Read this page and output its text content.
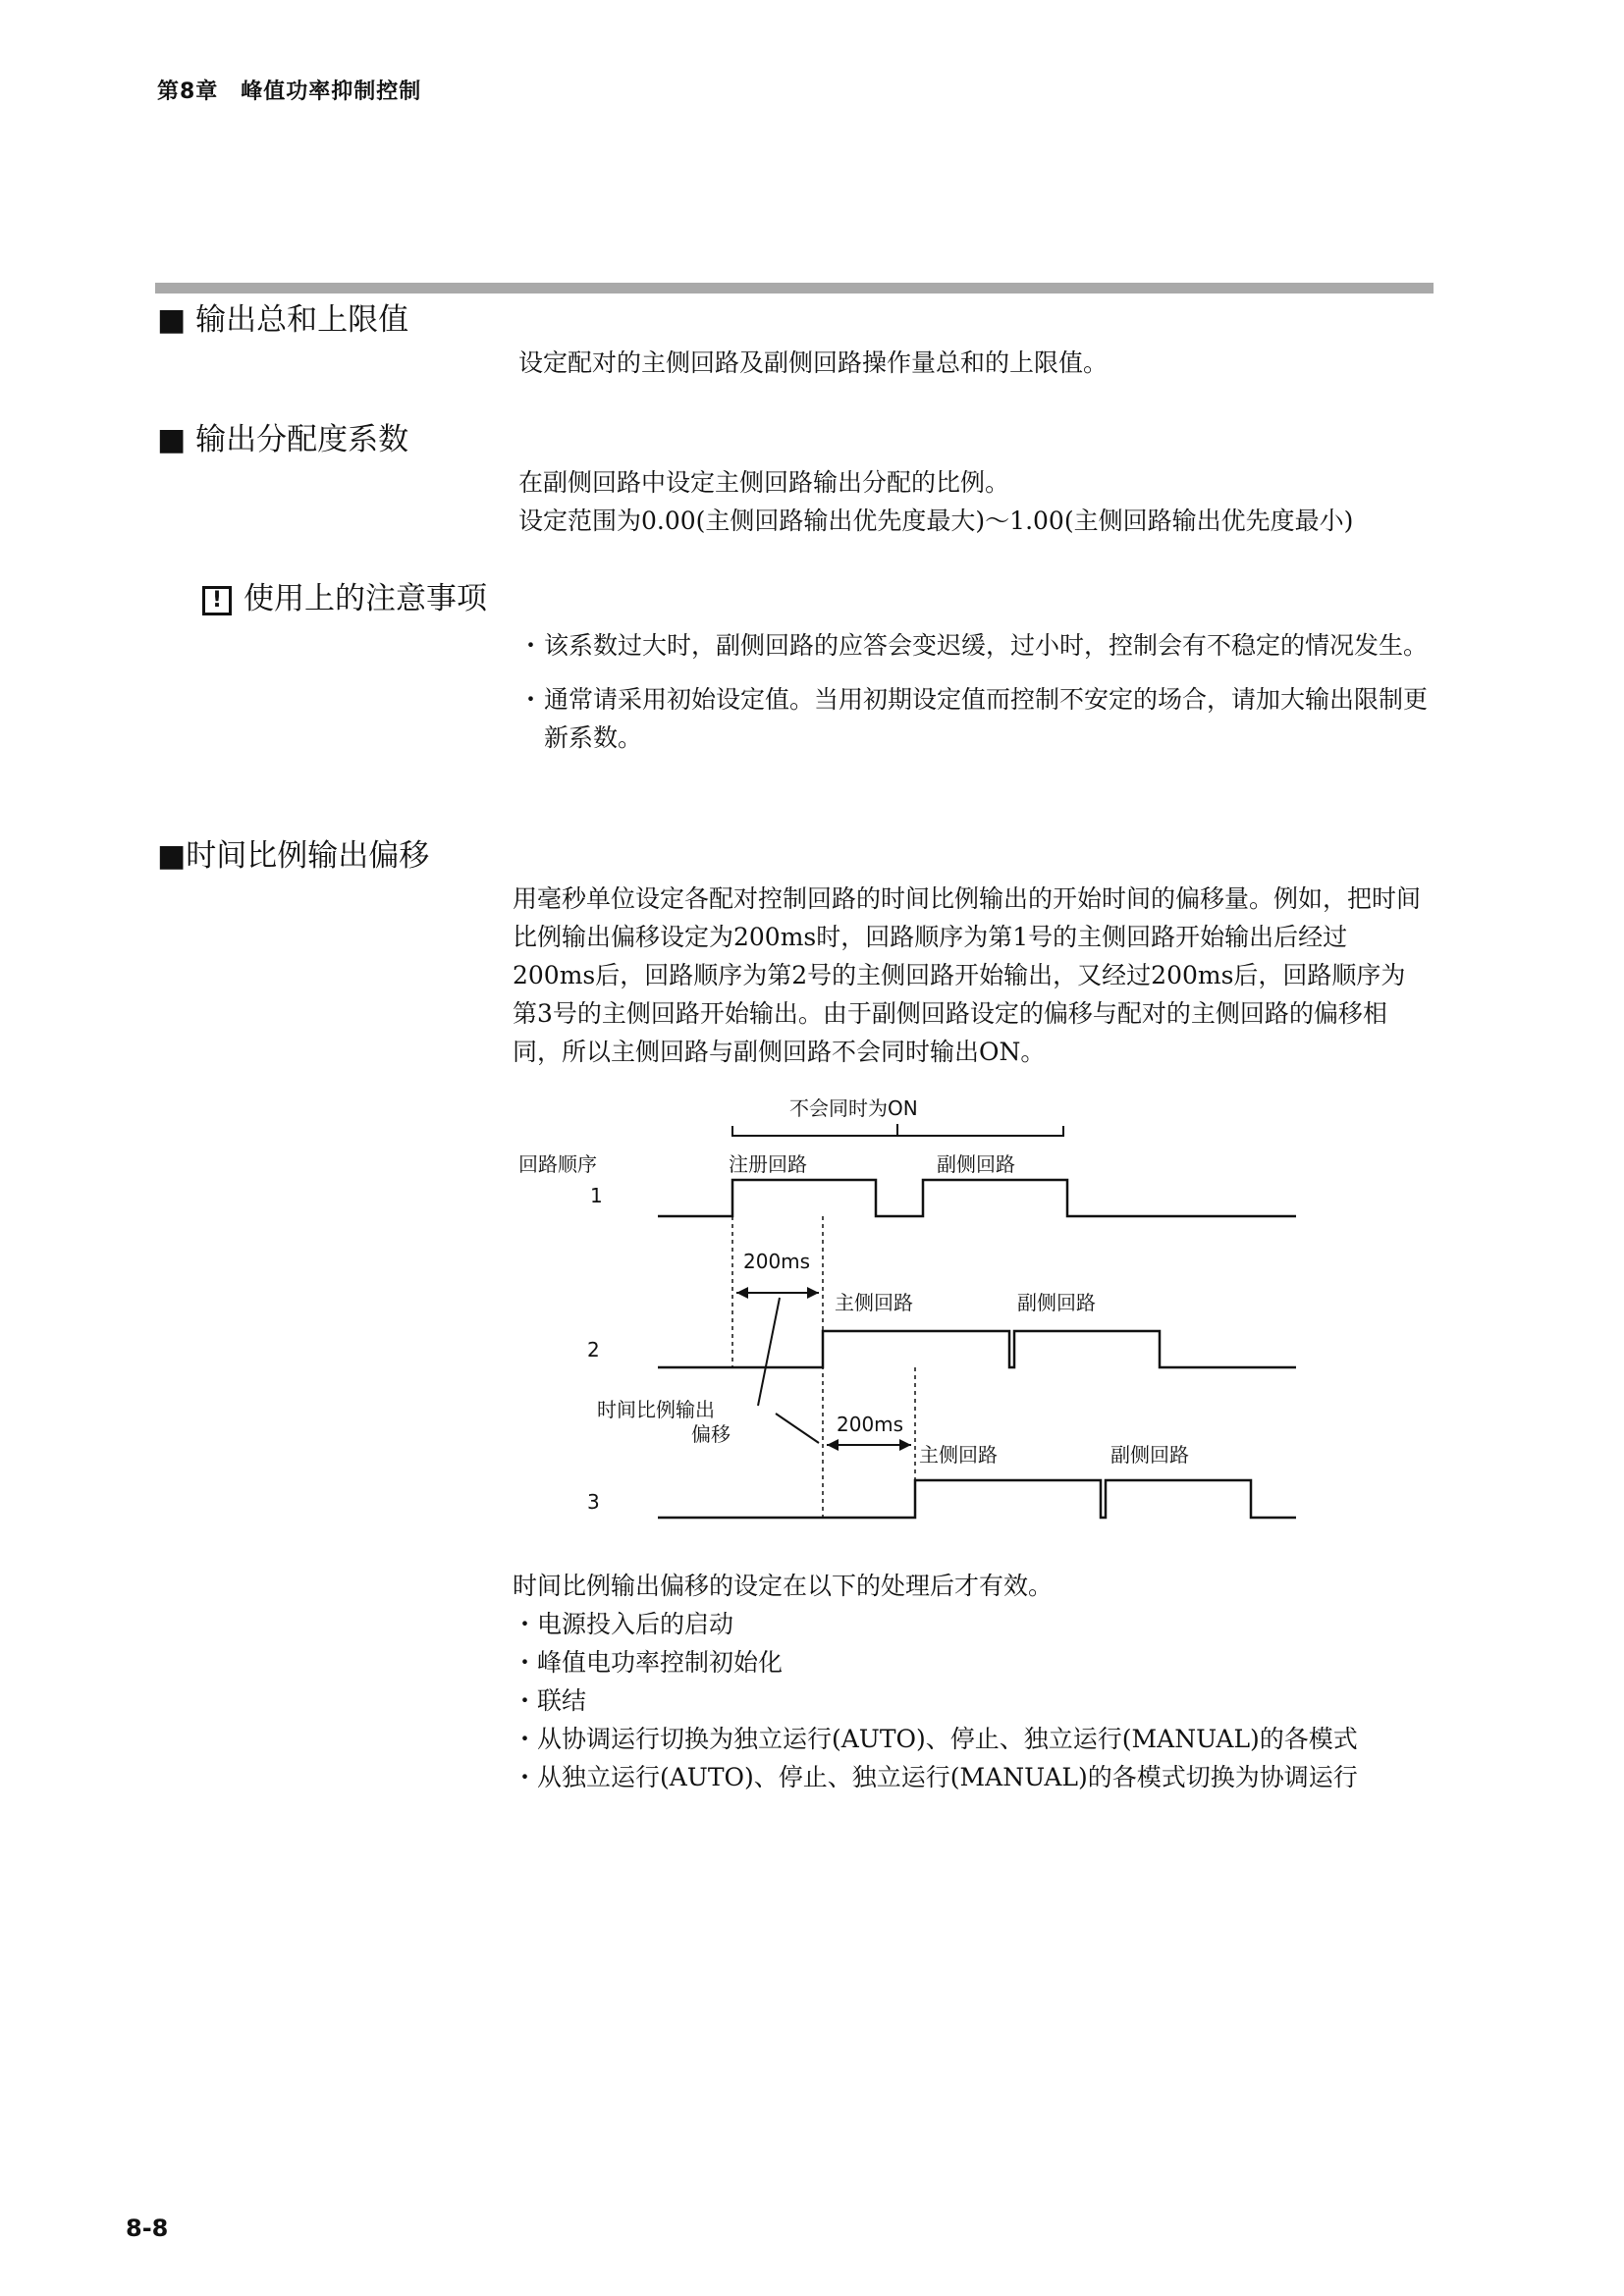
第8章　峰值功率抑制控制
■ 输出总和上限值

设定配对的主侧回路及副侧回路操作量总和的上限值。

■ 输出分配度系数

在副侧回路中设定主侧回路输出分配的比例。

设定范围为0.00(主侧回路输出优先度最大)～1.00(主侧回路输出优先度最小)

! 使用上的注意事项

・ 该系数过大时，副侧回路的应答会变迟缓，过小时，控制会有不稳定的情况发生。

・ 通常请采用初始设定值。当用初期设定值而控制不安定的场合，请加大输出限制更新系数。

■时间比例输出偏移

用毫秒单位设定各配对控制回路的时间比例输出的开始时间的偏移量。例如，把时间比例输出偏移设定为200ms时，回路顺序为第1号的主侧回路开始输出后经过200ms后，回路顺序为第2号的主侧回路开始输出，又经过200ms后，回路顺序为第3号的主侧回路开始输出。由于副侧回路设定的偏移与配对的主侧回路的偏移相同，所以主侧回路与副侧回路不会同时输出ON。

不会同时为ON
回路顺序
1
注册回路	副侧回路
200ms
2
主侧回路	副侧回路
时间比例输出
偏移	200ms
3
主侧回路	副侧回路

时间比例输出偏移的设定在以下的处理后才有效。

・电源投入后的启动

・峰值电功率控制初始化

・联结

・从协调运行切换为独立运行(AUTO)、停止、独立运行(MANUAL)的各模式

・从独立运行(AUTO)、停止、独立运行(MANUAL)的各模式切换为协调运行

8-8
